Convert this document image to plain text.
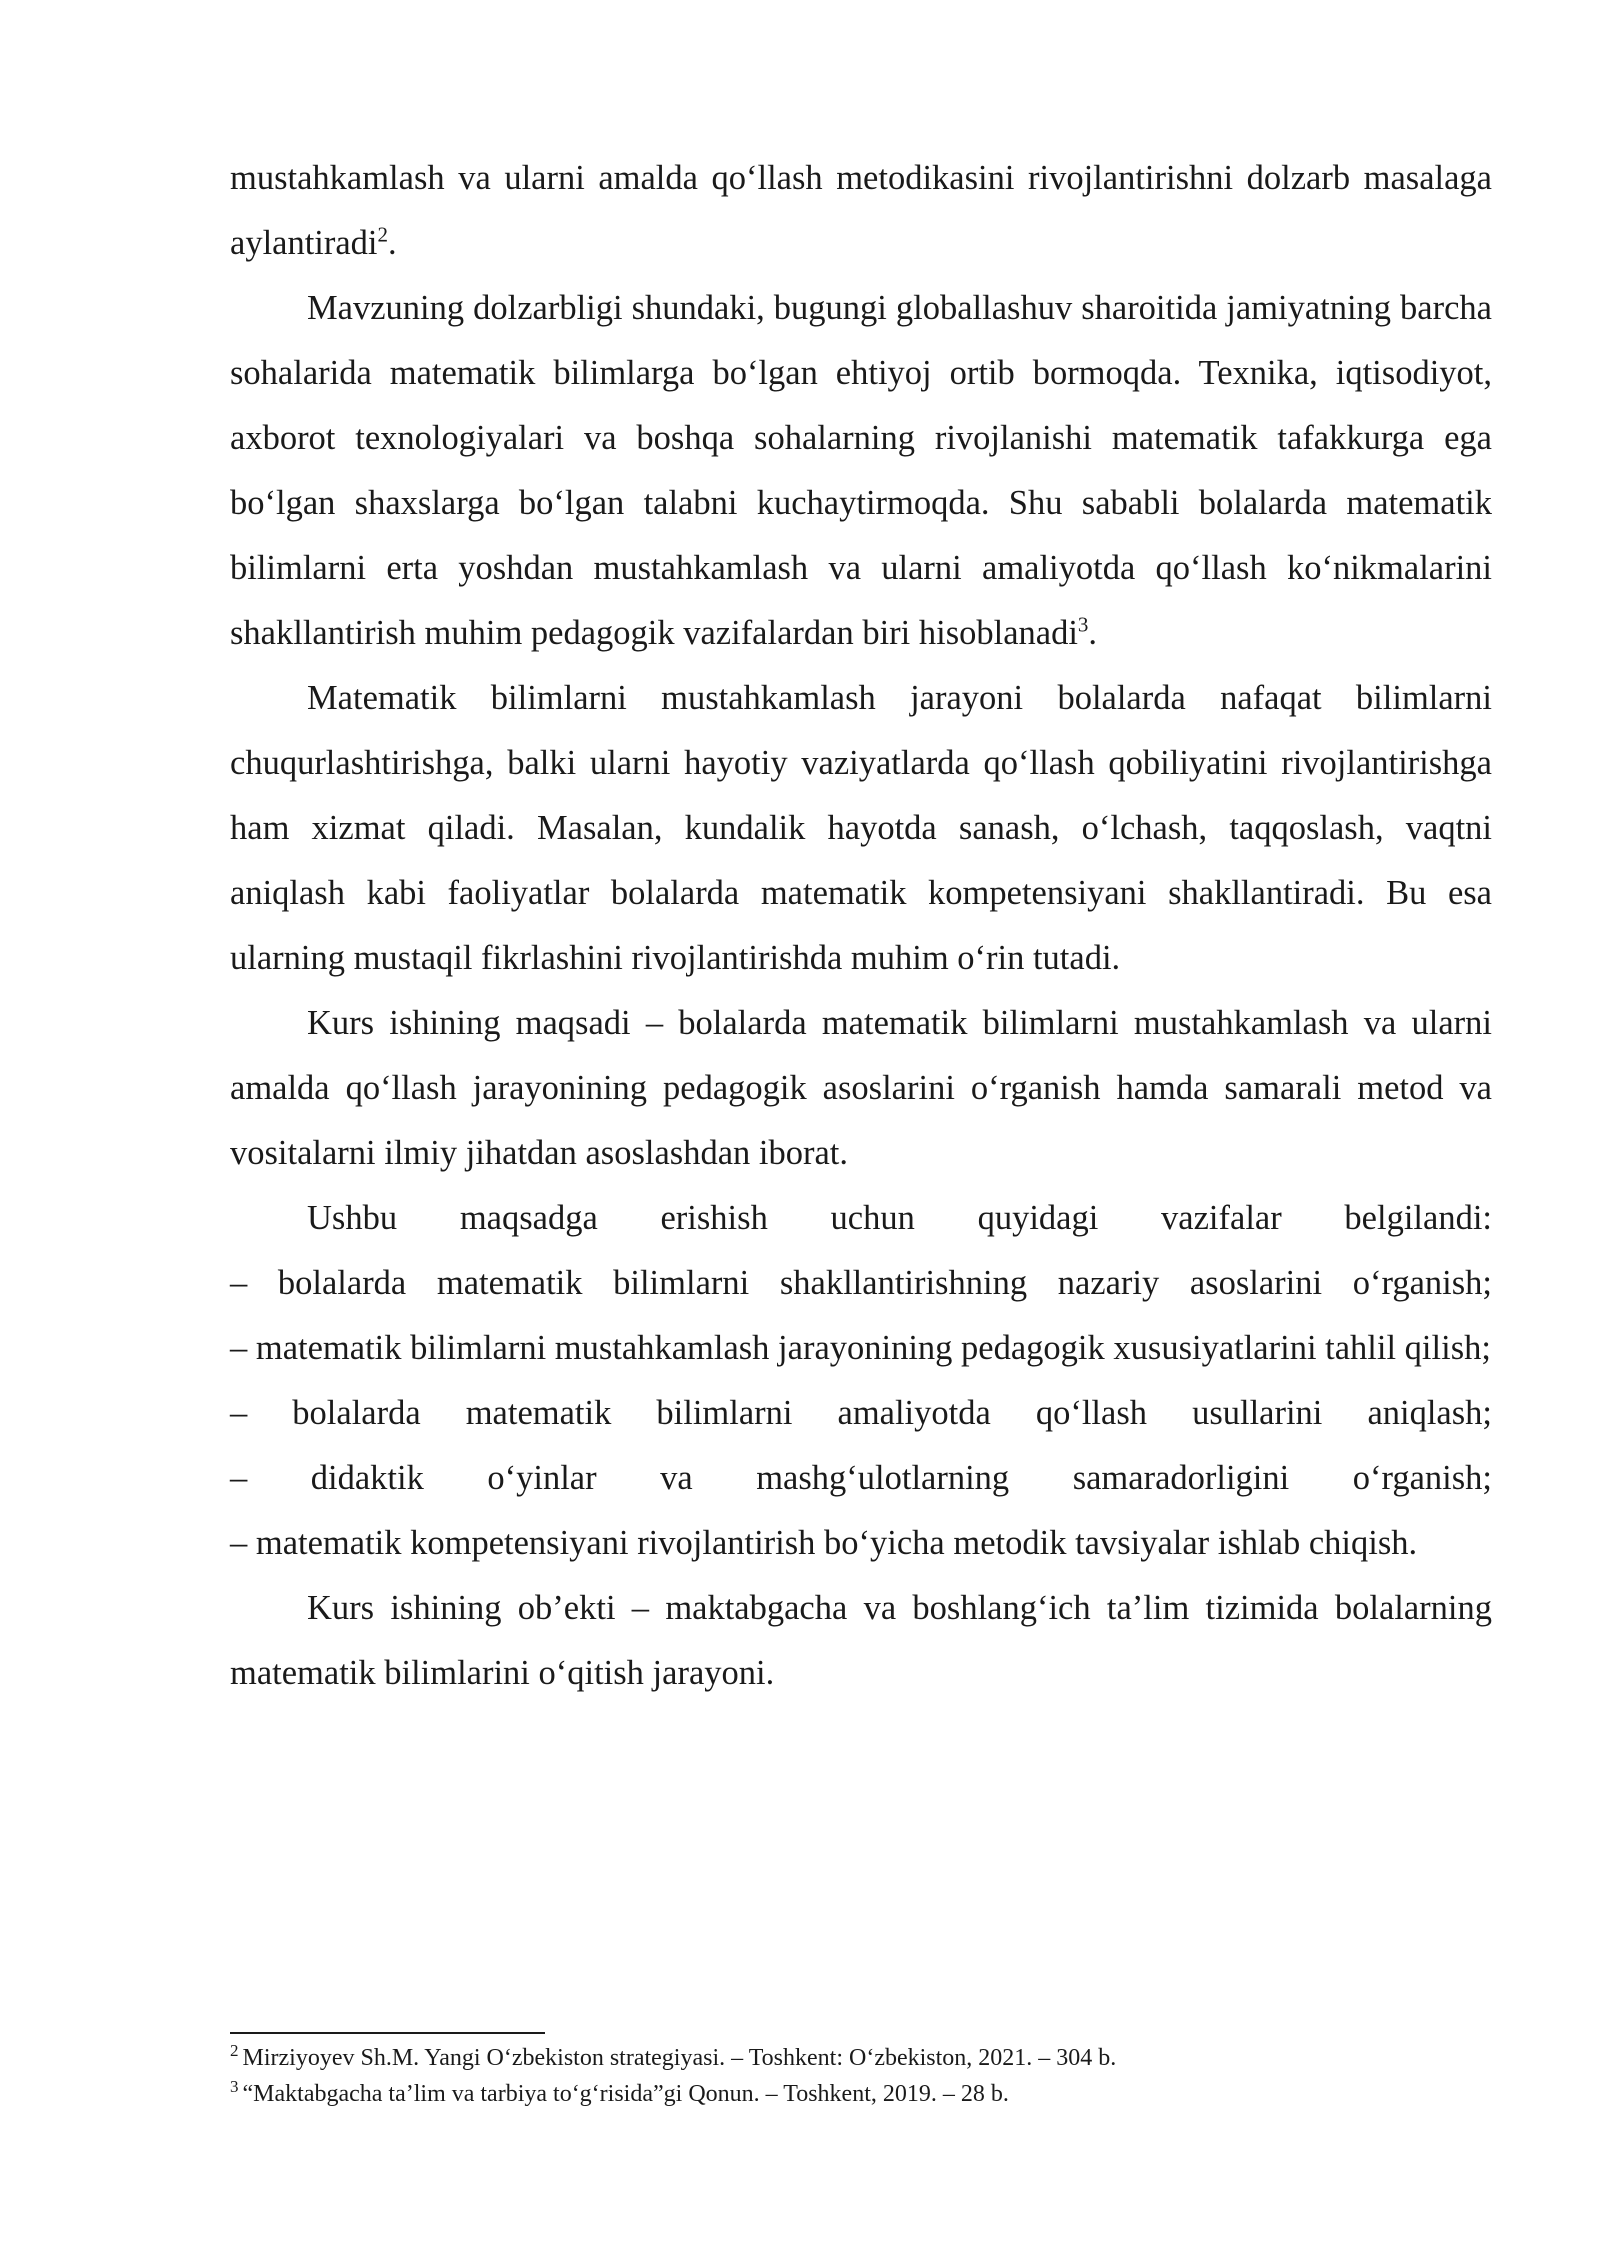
mustahkamlash va ularni amalda qo‘llash metodikasini rivojlantirishni dolzarb masalaga aylantiradi$^2$.

Mavzuning dolzarbligi shundaki, bugungi globallashuv sharoitida jamiyatning barcha sohalarida matematik bilimlarga bo‘lgan ehtiyoj ortib bormoqda. Texnika, iqtisodiyot, axborot texnologiyalari va boshqa sohalarning rivojlanishi matematik tafakkurga ega bo‘lgan shaxslarga bo‘lgan talabni kuchaytirmoqda. Shu sababli bolalarda matematik bilimlarni erta yoshdan mustahkamlash va ularni amaliyotda qo‘llash ko‘nikmalarini shakllantirish muhim pedagogik vazifalardan biri hisoblanadi$^3$.

Matematik bilimlarni mustahkamlash jarayoni bolalarda nafaqat bilimlarni chuqurlashtirishga, balki ularni hayotiy vaziyatlarda qo‘llash qobiliyatini rivojlantirishga ham xizmat qiladi. Masalan, kundalik hayotda sanash, o‘lchash, taqqoslash, vaqtni aniqlash kabi faoliyatlar bolalarda matematik kompetensiyani shakllantiradi. Bu esa ularning mustaqil fikrlashini rivojlantirishda muhim o‘rin tutadi.

Kurs ishining maqsadi – bolalarda matematik bilimlarni mustahkamlash va ularni amalda qo‘llash jarayonining pedagogik asoslarini o‘rganish hamda samarali metod va vositalarni ilmiy jihatdan asoslashdan iborat.

Ushbu maqsadga erishish uchun quyidagi vazifalar belgilandi:

– bolalarda matematik bilimlarni shakllantirishning nazariy asoslarini o‘rganish;
– matematik bilimlarni mustahkamlash jarayonining pedagogik xususiyatlarini tahlil qilish;
– bolalarda matematik bilimlarni amaliyotda qo‘llash usullarini aniqlash;
– didaktik o‘yinlar va mashg‘ulotlarning samaradorligini o‘rganish;
– matematik kompetensiyani rivojlantirish bo‘yicha metodik tavsiyalar ishlab chiqish.

Kurs ishining ob’ekti – maktabgacha va boshlang‘ich ta’lim tizimida bolalarning matematik bilimlarini o‘qitish jarayoni.

$^2$ Mirziyoyev Sh.M. Yangi O‘zbekiston strategiyasi. – Toshkent: O‘zbekiston, 2021. – 304 b.

$^3$ “Maktabgacha ta’lim va tarbiya to‘g‘risida”gi Qonun. – Toshkent, 2019. – 28 b.
